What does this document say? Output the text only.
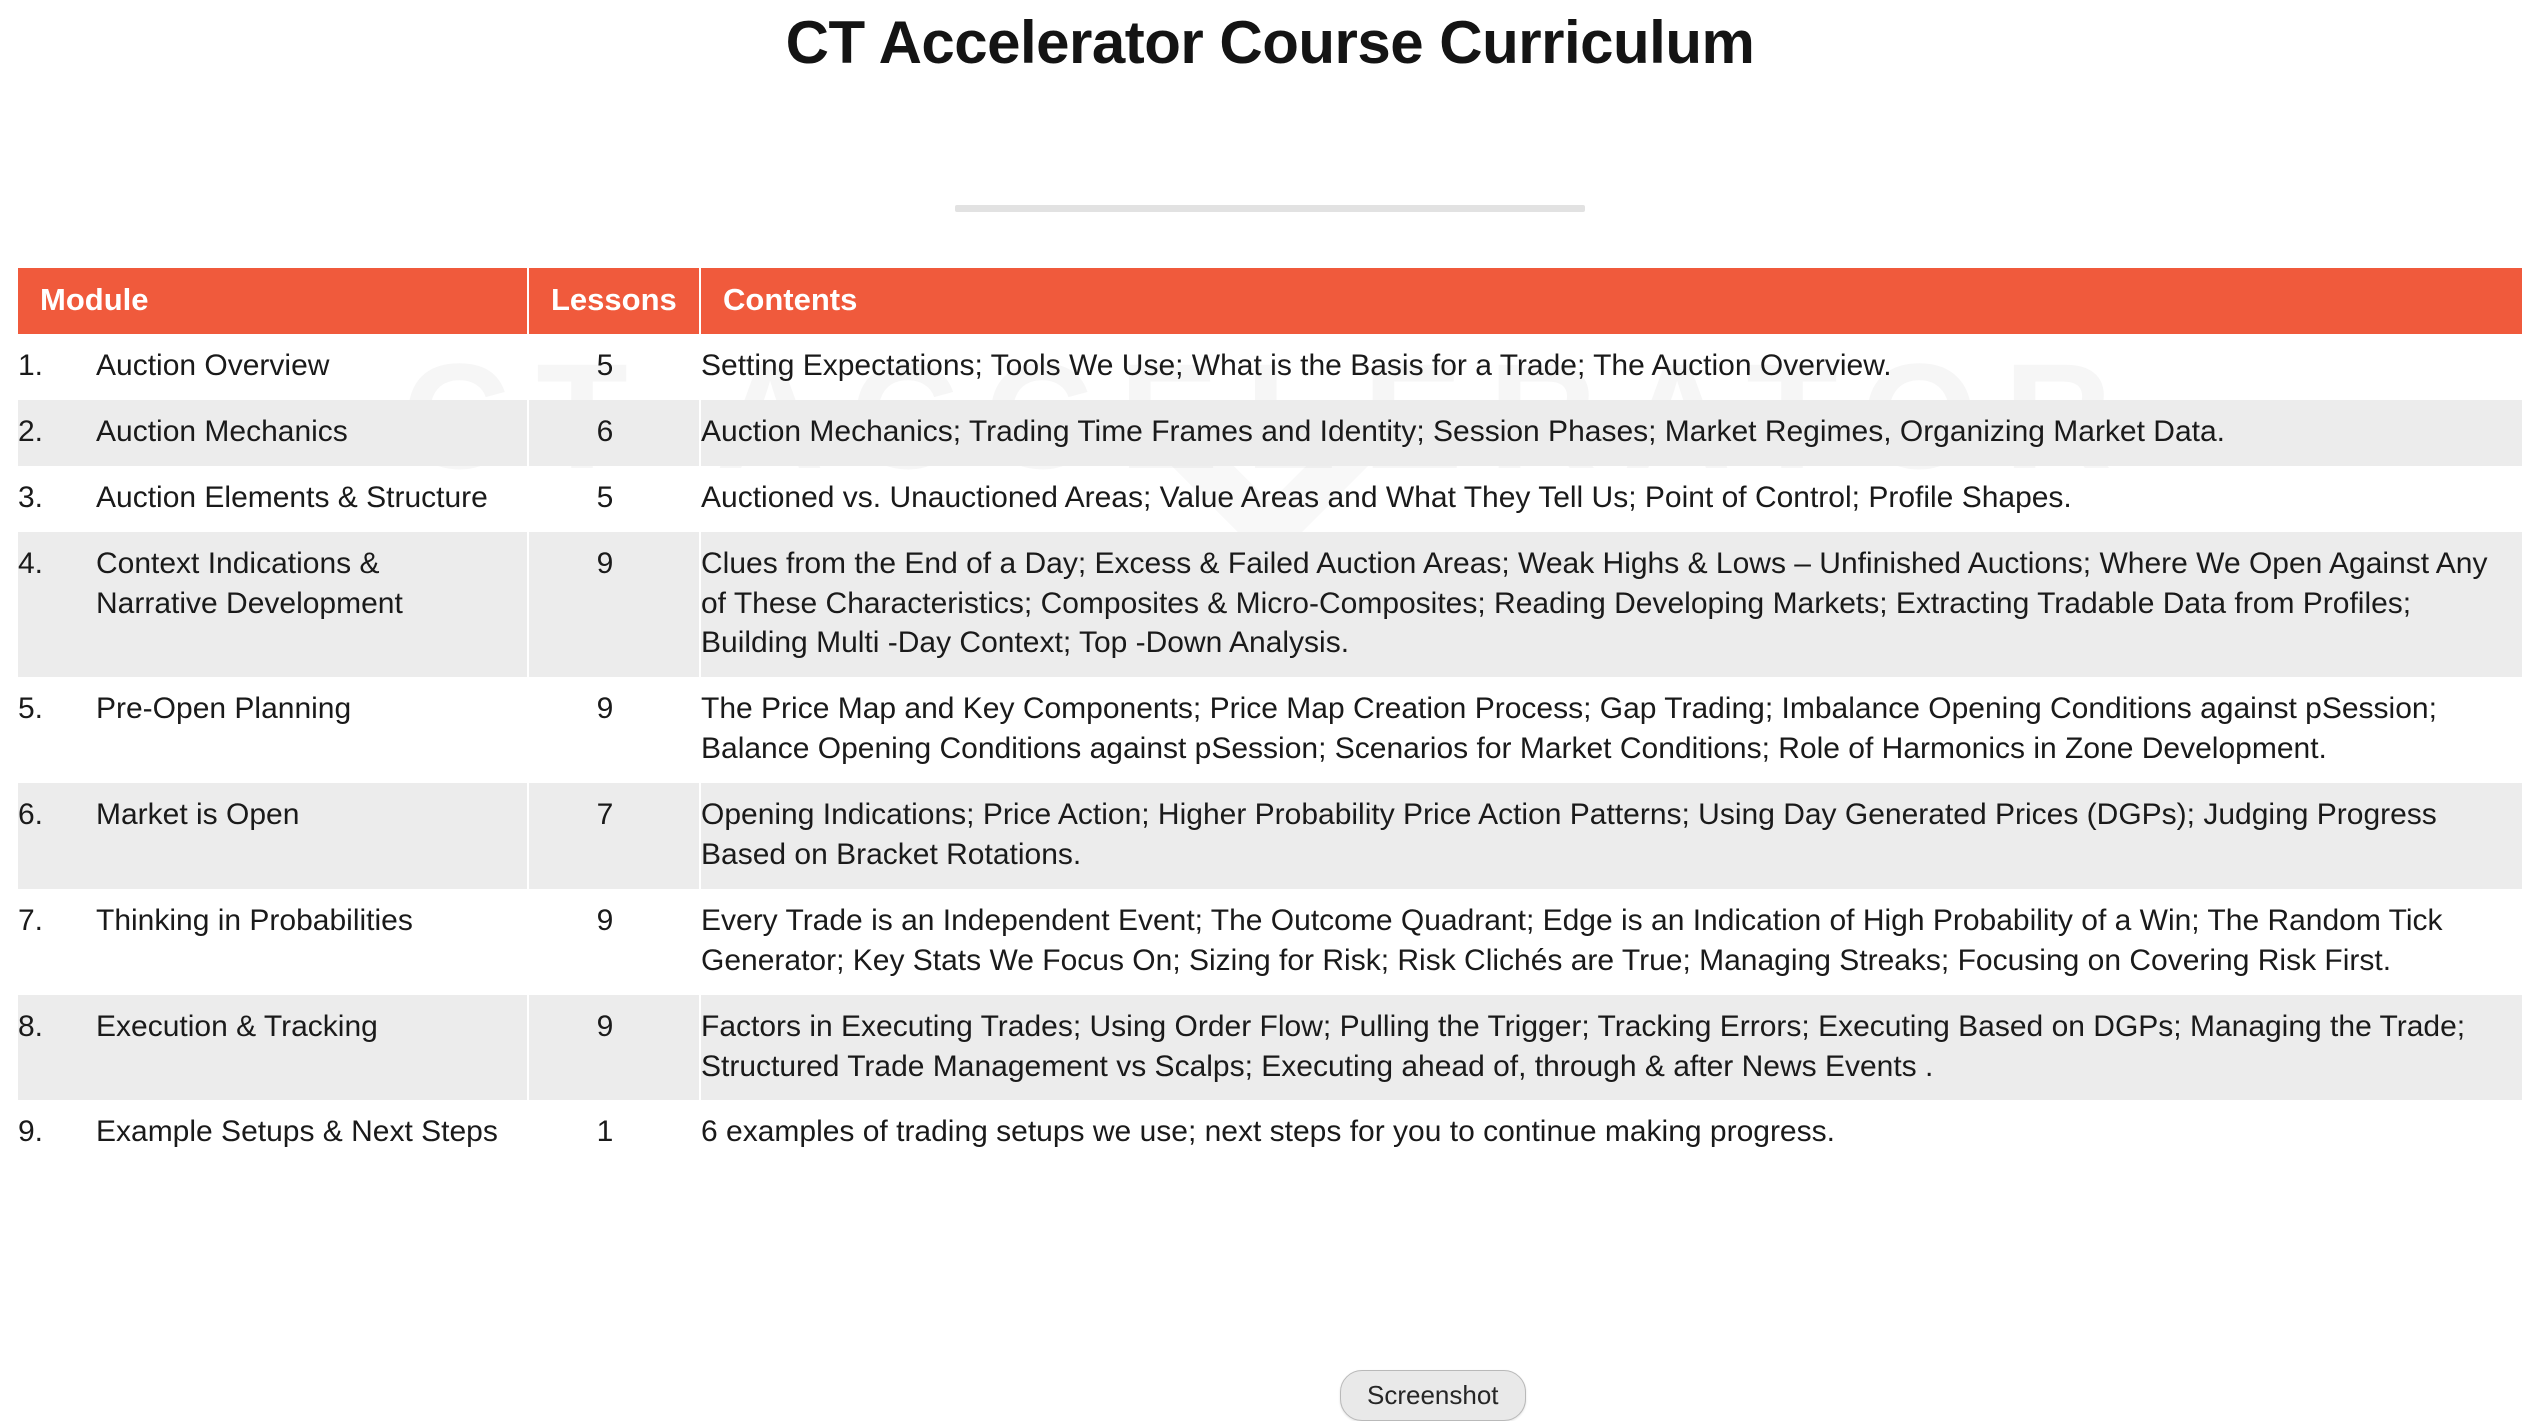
CT Accelerator Course Curriculum
Module	Lessons	Contents
1. Auction Overview	5	Setting Expectations; Tools We Use; What is the Basis for a Trade; The Auction Overview.
2. Auction Mechanics	6	Auction Mechanics; Trading Time Frames and Identity; Session Phases; Market Regimes, Organizing Market Data.
3. Auction Elements & Structure	5	Auctioned vs. Unauctioned Areas; Value Areas and What They Tell Us; Point of Control; Profile Shapes.
4. Context Indications & Narrative Development	9	Clues from the End of a Day; Excess & Failed Auction Areas; Weak Highs & Lows – Unfinished Auctions; Where We Open Against Any of These Characteristics; Composites & Micro-Composites; Reading Developing Markets; Extracting Tradable Data from Profiles; Building Multi -Day Context; Top -Down Analysis.
5. Pre-Open Planning	9	The Price Map and Key Components; Price Map Creation Process; Gap Trading; Imbalance Opening Conditions against pSession; Balance Opening Conditions against pSession; Scenarios for Market Conditions; Role of Harmonics in Zone Development.
6. Market is Open	7	Opening Indications; Price Action; Higher Probability Price Action Patterns; Using Day Generated Prices (DGPs); Judging Progress Based on Bracket Rotations.
7. Thinking in Probabilities	9	Every Trade is an Independent Event; The Outcome Quadrant; Edge is an Indication of High Probability of a Win; The Random Tick Generator; Key Stats We Focus On; Sizing for Risk; Risk Clichés are True; Managing Streaks; Focusing on Covering Risk First.
8. Execution & Tracking	9	Factors in Executing Trades; Using Order Flow; Pulling the Trigger; Tracking Errors; Executing Based on DGPs; Managing the Trade; Structured Trade Management vs Scalps; Executing ahead of, through & after News Events .
9. Example Setups & Next Steps	1	6 examples of trading setups we use; next steps for you to continue making progress.
Screenshot
